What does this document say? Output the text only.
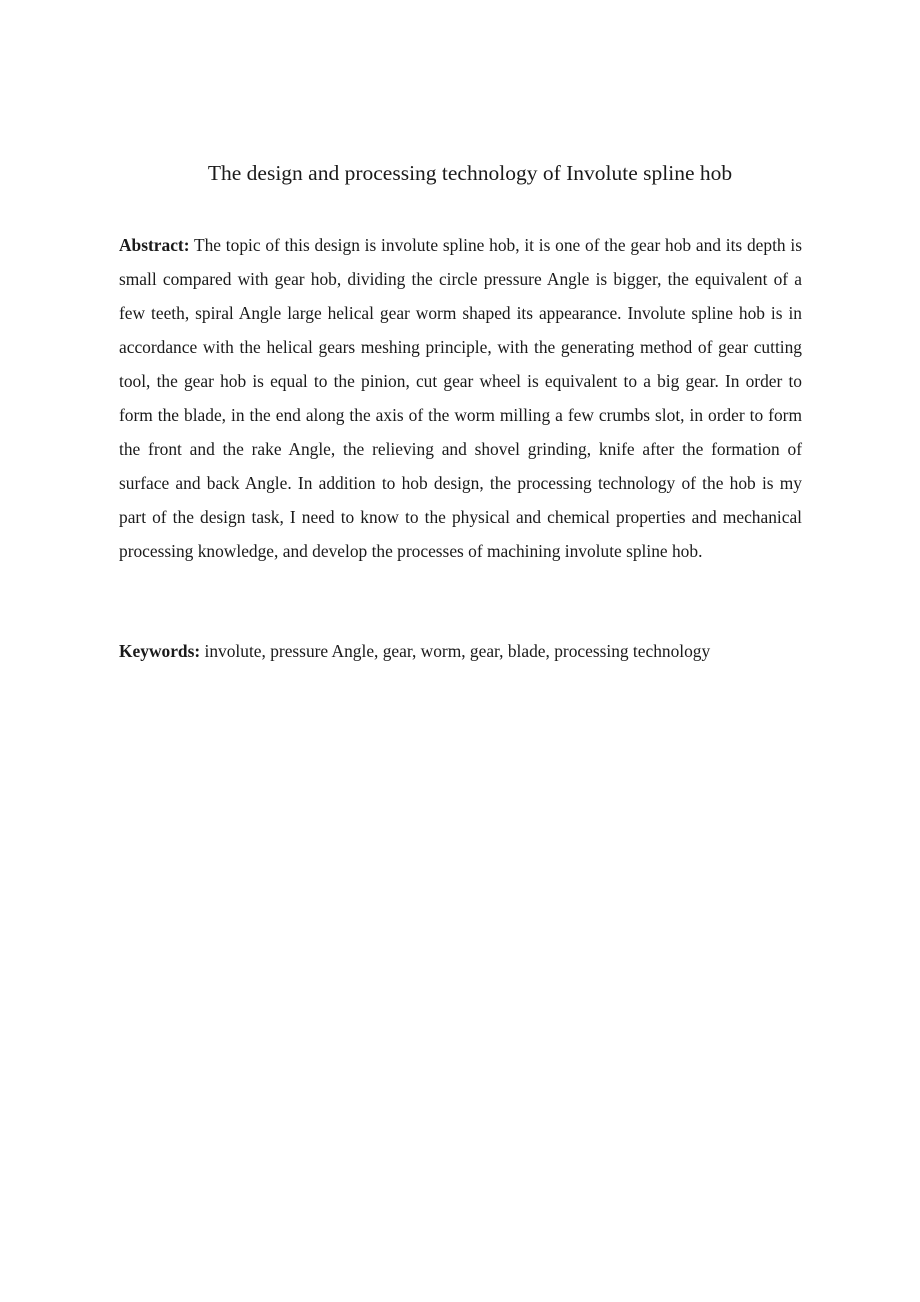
The design and processing technology of Involute spline hob

Abstract: The topic of this design is involute spline hob, it is one of the gear hob and its depth is small compared with gear hob, dividing the circle pressure Angle is bigger, the equivalent of a few teeth, spiral Angle large helical gear worm shaped its appearance. Involute spline hob is in accordance with the helical gears meshing principle, with the generating method of gear cutting tool, the gear hob is equal to the pinion, cut gear wheel is equivalent to a big gear. In order to form the blade, in the end along the axis of the worm milling a few crumbs slot, in order to form the front and the rake Angle, the relieving and shovel grinding, knife after the formation of surface and back Angle. In addition to hob design, the processing technology of the hob is my part of the design task, I need to know to the physical and chemical properties and mechanical processing knowledge, and develop the processes of machining involute spline hob.

Keywords: involute, pressure Angle, gear, worm, gear, blade, processing technology
